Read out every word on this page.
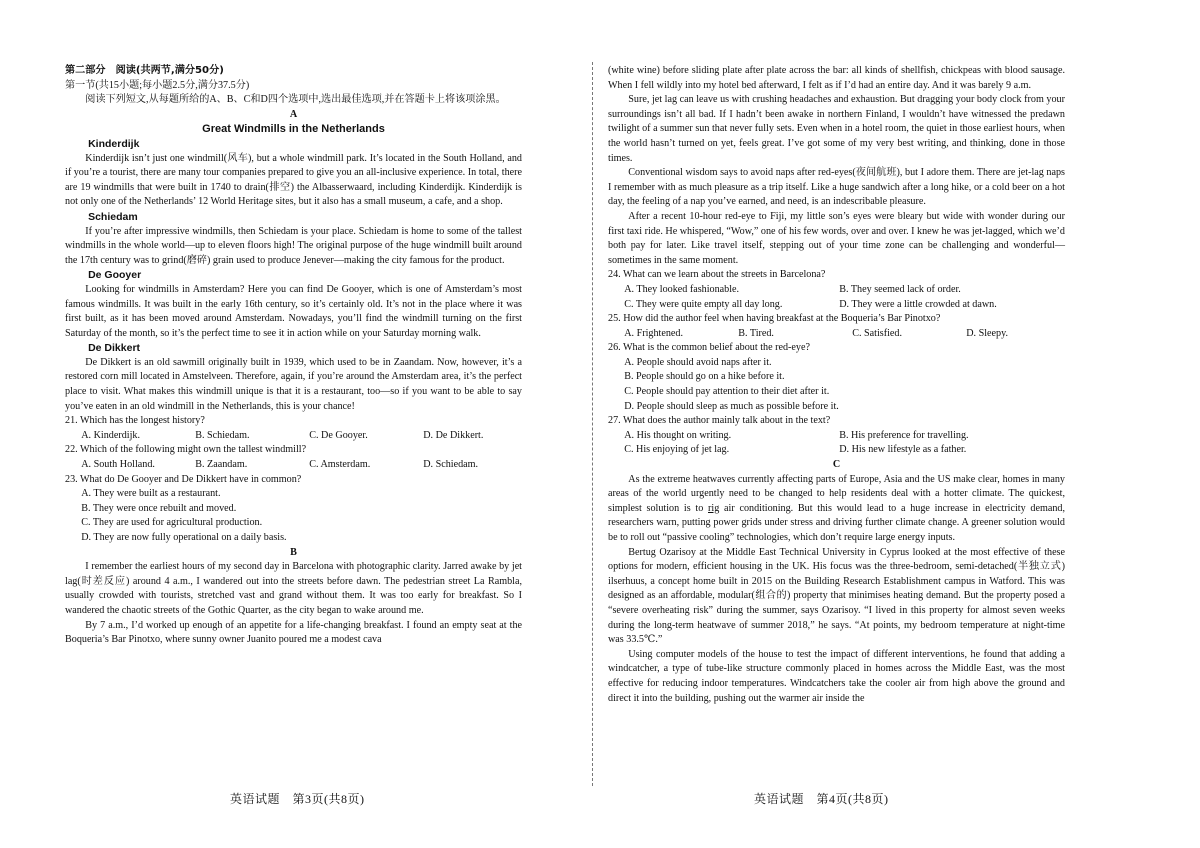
第二部分　阅读(共两节,满分50分)

第一节(共15小题;每小题2.5分,满分37.5分)

阅读下列短文,从每题所给的A、B、C和D四个选项中,选出最佳选项,并在答题卡上将该项涂黑。

A

Great Windmills in the Netherlands

Kinderdijk

Kinderdijk isn’t just one windmill(风车), but a whole windmill park. It’s located in the South Holland, and if you’re a tourist, there are many tour companies prepared to give you an all-inclusive experience. In total, there are 19 windmills that were built in 1740 to drain(排空) the Albasserwaard, including Kinderdijk. Kinderdijk is not only one of the Netherlands’ 12 World Heritage sites, but it also has a small museum, a cafe, and a shop.

Schiedam

If you’re after impressive windmills, then Schiedam is your place. Schiedam is home to some of the tallest windmills in the whole world—up to eleven floors high! The original purpose of the huge windmill built around the 17th century was to grind(磨碎) grain used to produce Jenever—making the city famous for the product.

De Gooyer

Looking for windmills in Amsterdam? Here you can find De Gooyer, which is one of Amsterdam’s most famous windmills. It was built in the early 16th century, so it’s certainly old. It’s not in the place where it was first built, as it has been moved around Amsterdam. Nowadays, you’ll find the windmill turning on the first Saturday of the month, so it’s the perfect time to see it in action while on your Saturday morning walk.

De Dikkert

De Dikkert is an old sawmill originally built in 1939, which used to be in Zaandam. Now, however, it’s a restored corn mill located in Amstelveen. Therefore, again, if you’re around the Amsterdam area, it’s the perfect place to visit. What makes this windmill unique is that it is a restaurant, too—so if you want to be able to say you’ve eaten in an old windmill in the Netherlands, this is your chance!

21. Which has the longest history?

A. Kinderdijk.	B. Schiedam.	C. De Gooyer.	D. De Dikkert.

22. Which of the following might own the tallest windmill?

A. South Holland.	B. Zaandam.	C. Amsterdam.	D. Schiedam.

23. What do De Gooyer and De Dikkert have in common?

A. They were built as a restaurant.

B. They were once rebuilt and moved.

C. They are used for agricultural production.

D. They are now fully operational on a daily basis.

B

I remember the earliest hours of my second day in Barcelona with photographic clarity. Jarred awake by jet lag(时差反应) around 4 a.m., I wandered out into the streets before dawn. The pedestrian street La Rambla, usually crowded with tourists, stretched vast and grand without them. It was too early for breakfast. So I wandered the chaotic streets of the Gothic Quarter, as the city began to wake around me.

By 7 a.m., I’d worked up enough of an appetite for a life-changing breakfast. I found an empty seat at the Boqueria’s Bar Pinotxo, where sunny owner Juanito poured me a modest cava

(white wine) before sliding plate after plate across the bar: all kinds of shellfish, chickpeas with blood sausage. When I fell wildly into my hotel bed afterward, I felt as if I’d had an entire day. And it was barely 9 a.m.

Sure, jet lag can leave us with crushing headaches and exhaustion. But dragging your body clock from your surroundings isn’t all bad. If I hadn’t been awake in northern Finland, I wouldn’t have witnessed the predawn twilight of a summer sun that never fully sets. Even when in a hotel room, the quiet in those earliest hours, when the world hasn’t turned on yet, feels great. I’ve got some of my very best writing, and thinking, done in those times.

Conventional wisdom says to avoid naps after red-eyes(夜间航班), but I adore them. There are jet-lag naps I remember with as much pleasure as a trip itself. Like a huge sandwich after a long hike, or a cold beer on a hot day, the feeling of a nap you’ve earned, and need, is an indescribable pleasure.

After a recent 10-hour red-eye to Fiji, my little son’s eyes were bleary but wide with wonder during our first taxi ride. He whispered, “Wow,” one of his few words, over and over. I knew he was jet-lagged, which we’d both pay for later. Like travel itself, stepping out of your time zone can be challenging and wonderful—sometimes in the same moment.

24. What can we learn about the streets in Barcelona?

A. They looked fashionable.	B. They seemed lack of order.
C. They were quite empty all day long.	D. They were a little crowded at dawn.

25. How did the author feel when having breakfast at the Boqueria’s Bar Pinotxo?

A. Frightened.	B. Tired.	C. Satisfied.	D. Sleepy.

26. What is the common belief about the red-eye?

A. People should avoid naps after it.

B. People should go on a hike before it.

C. People should pay attention to their diet after it.

D. People should sleep as much as possible before it.

27. What does the author mainly talk about in the text?

A. His thought on writing.	B. His preference for travelling.
C. His enjoying of jet lag.	D. His new lifestyle as a father.

C

As the extreme heatwaves currently affecting parts of Europe, Asia and the US make clear, homes in many areas of the world urgently need to be changed to help residents deal with a hotter climate. The quickest, simplest solution is to rig air conditioning. But this would lead to a huge increase in electricity demand, researchers warn, putting power grids under stress and driving further climate change. A greener solution would be to roll out “passive cooling” technologies, which don’t require large energy inputs.

Bertug Ozarisoy at the Middle East Technical University in Cyprus looked at the most effective of these options for modern, efficient housing in the UK. His focus was the three-bedroom, semi-detached(半独立式) ilserhuus, a concept home built in 2015 on the Building Research Establishment campus in Watford. This was designed as an affordable, modular(组合的) property that minimises heating demand. But the property posed a “severe overheating risk” during the summer, says Ozarisoy. “I lived in this property for almost seven weeks during the long-term heatwave of summer 2018,” he says. “At points, my bedroom temperature at night-time was 33.5℃.”

Using computer models of the house to test the impact of different interventions, he found that adding a windcatcher, a type of tube-like structure commonly placed in homes across the Middle East, was the most effective for reducing indoor temperatures. Windcatchers take the cooler air from high above the ground and direct it into the building, pushing out the warmer air inside the

英语试题　第3页(共8页)	英语试题　第4页(共8页)
